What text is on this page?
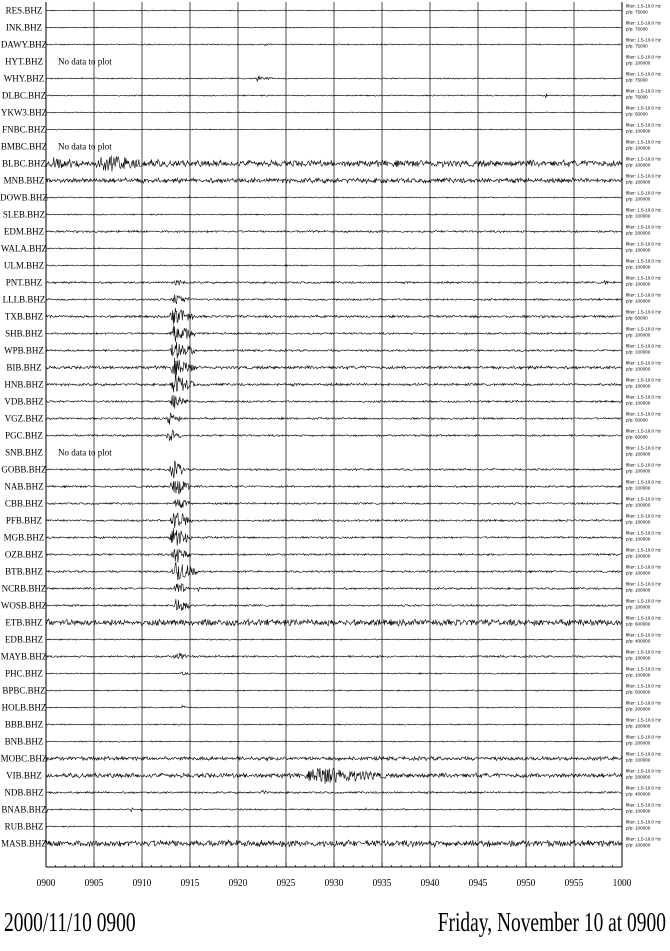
0900	0905	0910	0915	0920	0925	0930	0935	0940	0945	0950	0955	1000
RES.BHZ	filter: 1.5-10.0 Hz
p/p: 75000
INK.BHZ	filter: 1.5-10.0 Hz
p/p: 75000
DAWY.BHZ	filter: 1.5-10.0 Hz
p/p: 75000
HYT.BHZ	filter: 1.5-10.0 Hz
p/p: 100000
No data to plot
WHY.BHZ	filter: 1.5-10.0 Hz
p/p: 75000
DLBC.BHZ	filter: 1.5-10.0 Hz
p/p: 75000
YKW3.BHZ	filter: 1.5-10.0 Hz
p/p: 50000
FNBC.BHZ	filter: 1.5-10.0 Hz
p/p: 100000
BMBC.BHZ	filter: 1.5-10.0 Hz
p/p: 100000
No data to plot
BLBC.BHZ	filter: 1.5-10.0 Hz
p/p: 100000
MNB.BHZ	filter: 1.5-10.0 Hz
p/p: 100000
DOWB.BHZ	filter: 1.5-10.0 Hz
p/p: 100000
SLEB.BHZ	filter: 1.5-10.0 Hz
p/p: 100000
EDM.BHZ	filter: 1.5-10.0 Hz
p/p: 200000
WALA.BHZ	filter: 1.5-10.0 Hz
p/p: 100000
ULM.BHZ	filter: 1.5-10.0 Hz
p/p: 100000
PNT.BHZ	filter: 1.5-10.0 Hz
p/p: 100000
LLLB.BHZ	filter: 1.5-10.0 Hz
p/p: 100000
TXB.BHZ	filter: 1.5-10.0 Hz
p/p: 50000
SHB.BHZ	filter: 1.5-10.0 Hz
p/p: 100000
WPB.BHZ	filter: 1.5-10.0 Hz
p/p: 100000
BIB.BHZ	filter: 1.5-10.0 Hz
p/p: 100000
HNB.BHZ	filter: 1.5-10.0 Hz
p/p: 100000
VDB.BHZ	filter: 1.5-10.0 Hz
p/p: 100000
VGZ.BHZ	filter: 1.5-10.0 Hz
p/p: 50000
PGC.BHZ	filter: 1.5-10.0 Hz
p/p: 60000
SNB.BHZ	filter: 1.5-10.0 Hz
p/p: 100000
No data to plot
GOBB.BHZ	filter: 1.5-10.0 Hz
p/p: 100000
NAB.BHZ	filter: 1.5-10.0 Hz
p/p: 100000
CBB.BHZ	filter: 1.5-10.0 Hz
p/p: 100000
PFB.BHZ	filter: 1.5-10.0 Hz
p/p: 100000
MGB.BHZ	filter: 1.5-10.0 Hz
p/p: 100000
OZB.BHZ	filter: 1.5-10.0 Hz
p/p: 100000
BTB.BHZ	filter: 1.5-10.0 Hz
p/p: 100000
NCRB.BHZ	filter: 1.5-10.0 Hz
p/p: 100000
WOSB.BHZ	filter: 1.5-10.0 Hz
p/p: 100000
ETB.BHZ	filter: 1.5-10.0 Hz
p/p: 600000
EDB.BHZ	filter: 1.5-10.0 Hz
p/p: 400000
MAYB.BHZ	filter: 1.5-10.0 Hz
p/p: 100000
PHC.BHZ	filter: 1.5-10.0 Hz
p/p: 100000
BPBC.BHZ	filter: 1.5-10.0 Hz
p/p: 500000
HOLB.BHZ	filter: 1.5-10.0 Hz
p/p: 200000
BBB.BHZ	filter: 1.5-10.0 Hz
p/p: 100000
BNB.BHZ	filter: 1.5-10.0 Hz
p/p: 200000
MOBC.BHZ	filter: 1.5-10.0 Hz
p/p: 100000
VIB.BHZ	filter: 1.5-10.0 Hz
p/p: 200000
NDB.BHZ	filter: 1.5-10.0 Hz
p/p: 400000
BNAB.BHZ	filter: 1.5-10.0 Hz
p/p: 100000
RUB.BHZ	filter: 1.5-10.0 Hz
p/p: 100000
MASB.BHZ	filter: 1.5-10.0 Hz
p/p: 100000
2000/11/10 0900	Friday, November 10 at 0900
